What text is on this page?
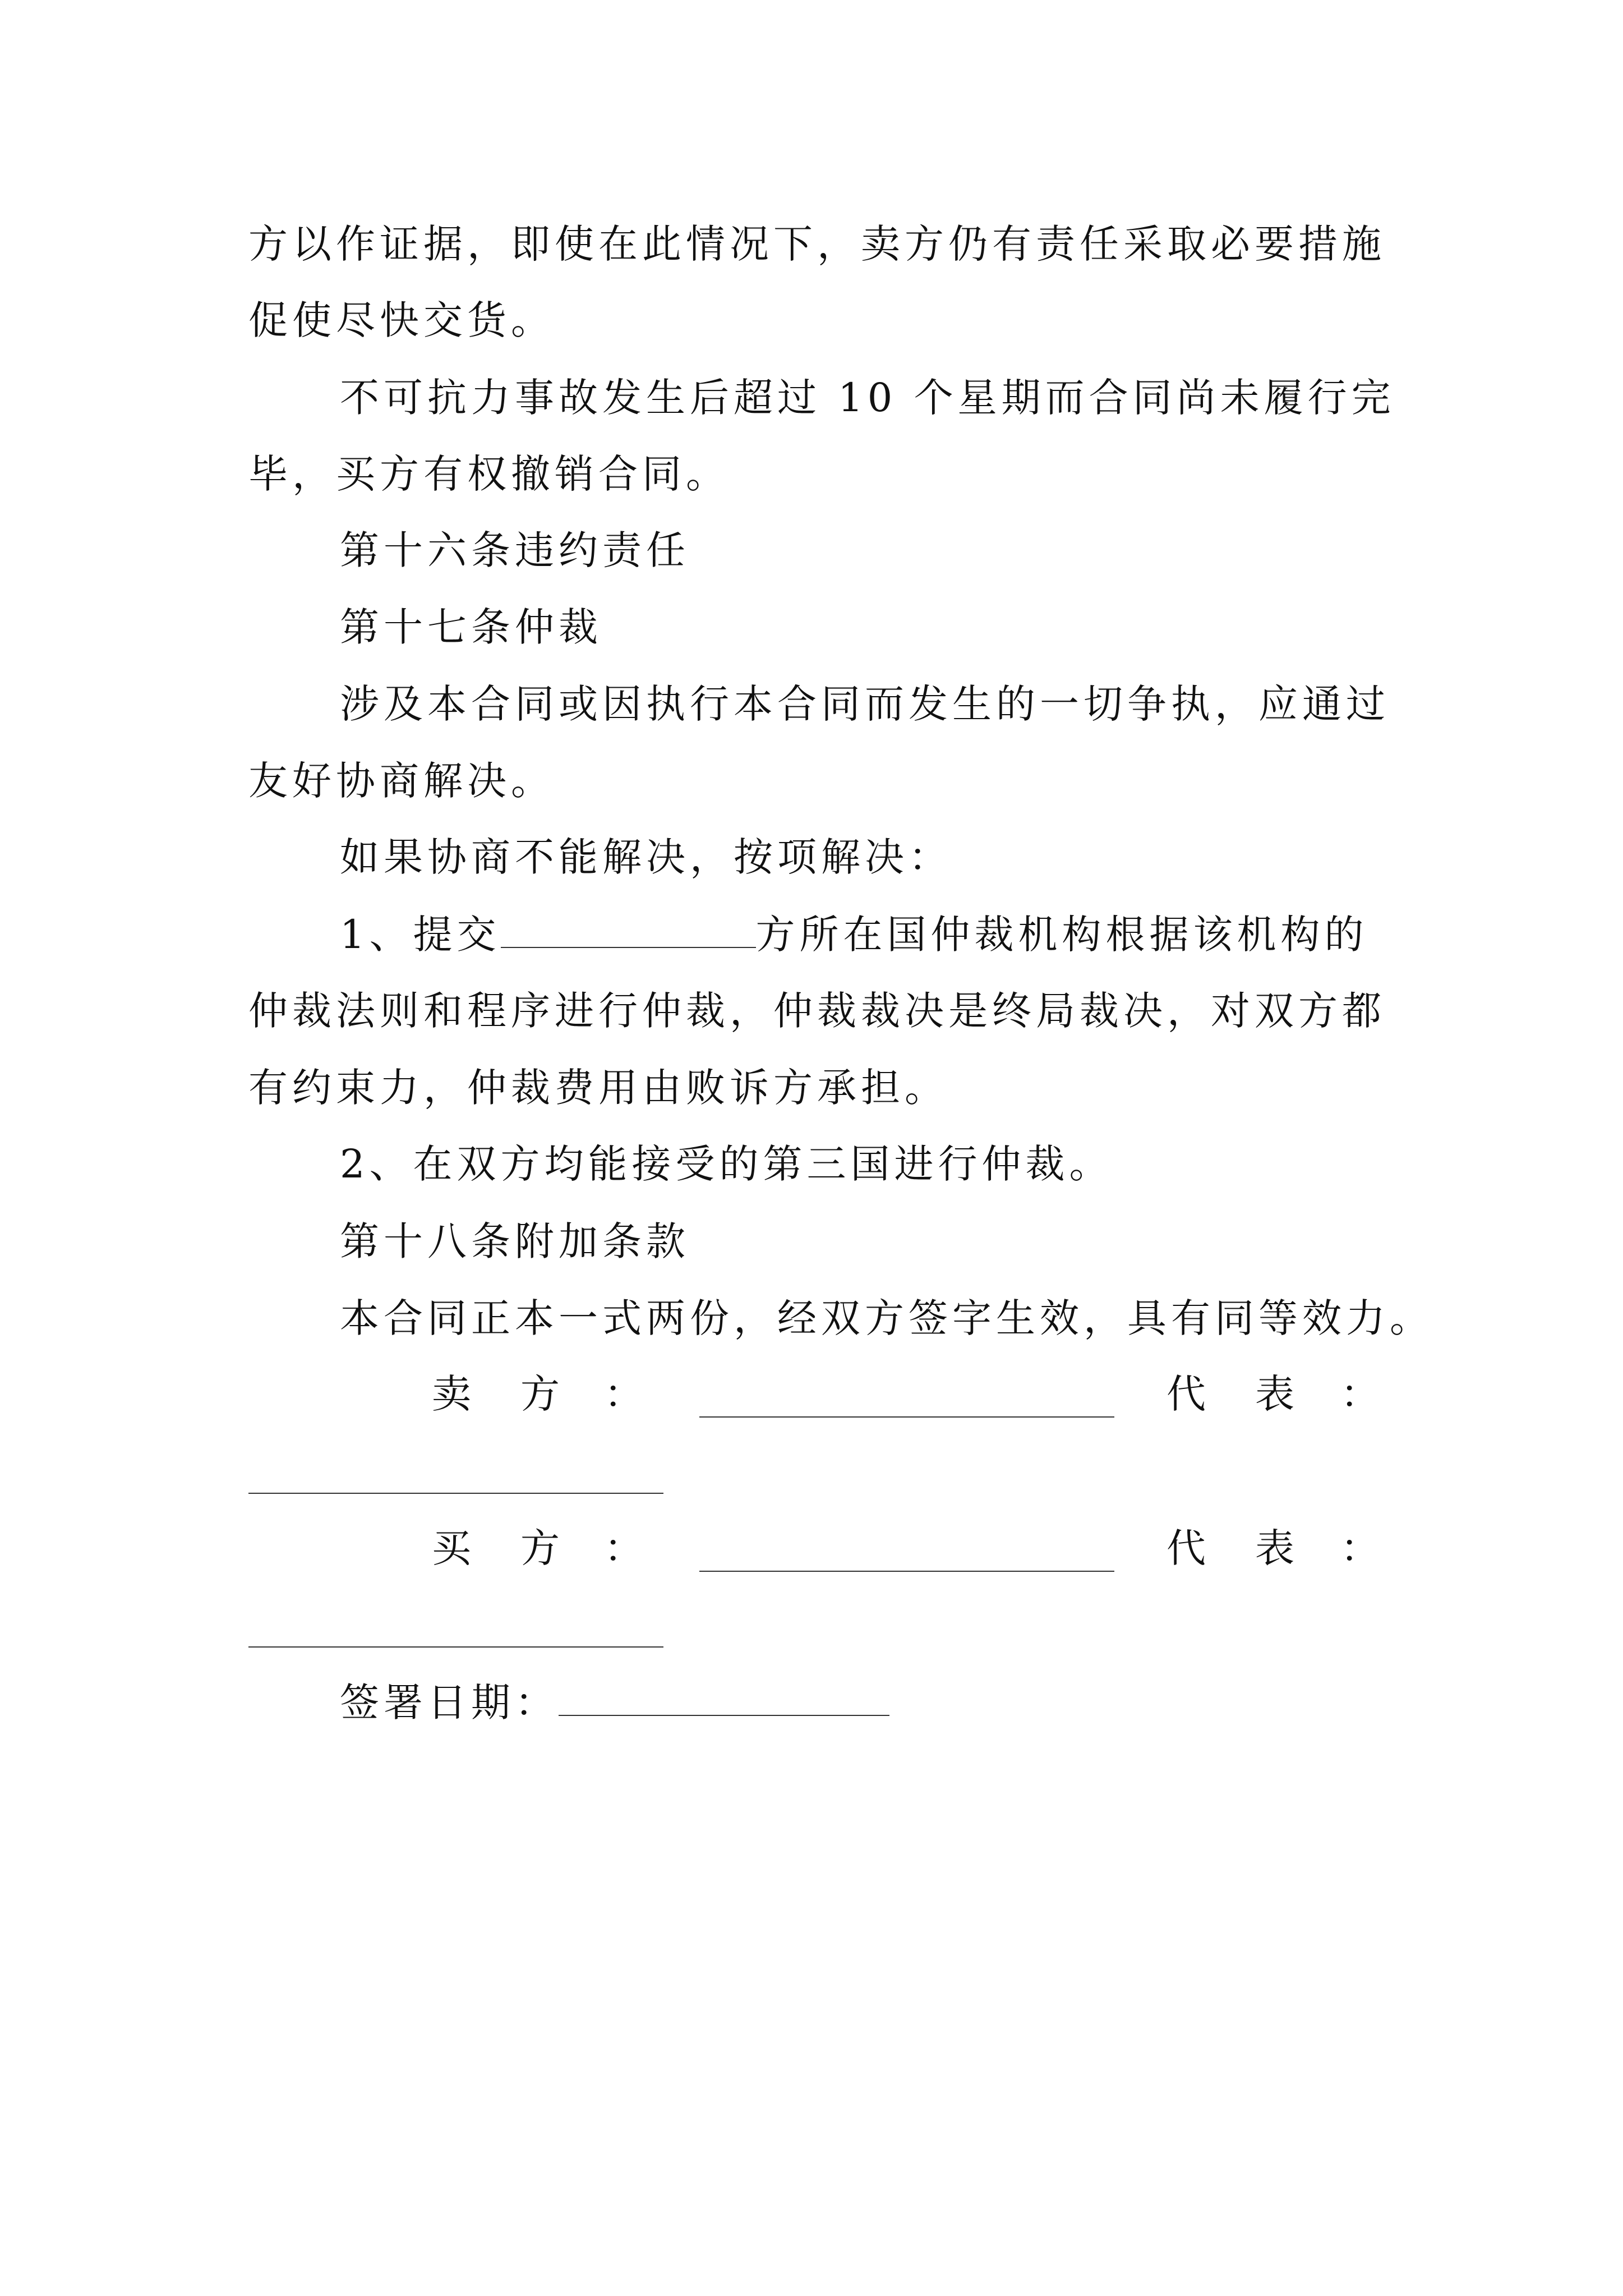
方以作证据，即使在此情况下，卖方仍有责任采取必要措施
促使尽快交货。
不可抗力事故发生后超过 10 个星期而合同尚未履行完
毕，买方有权撤销合同。
第十六条违约责任
第十七条仲裁
涉及本合同或因执行本合同而发生的一切争执，应通过
友好协商解决。
如果协商不能解决，按项解决：
1、提交	方所在国仲裁机构根据该机构的
仲裁法则和程序进行仲裁，仲裁裁决是终局裁决，对双方都
有约束力，仲裁费用由败诉方承担。
2、在双方均能接受的第三国进行仲裁。
第十八条附加条款
本合同正本一式两份，经双方签字生效，具有同等效力。
卖 方 ：	代 表 ：
买 方 ：	代 表 ：
签署日期：
